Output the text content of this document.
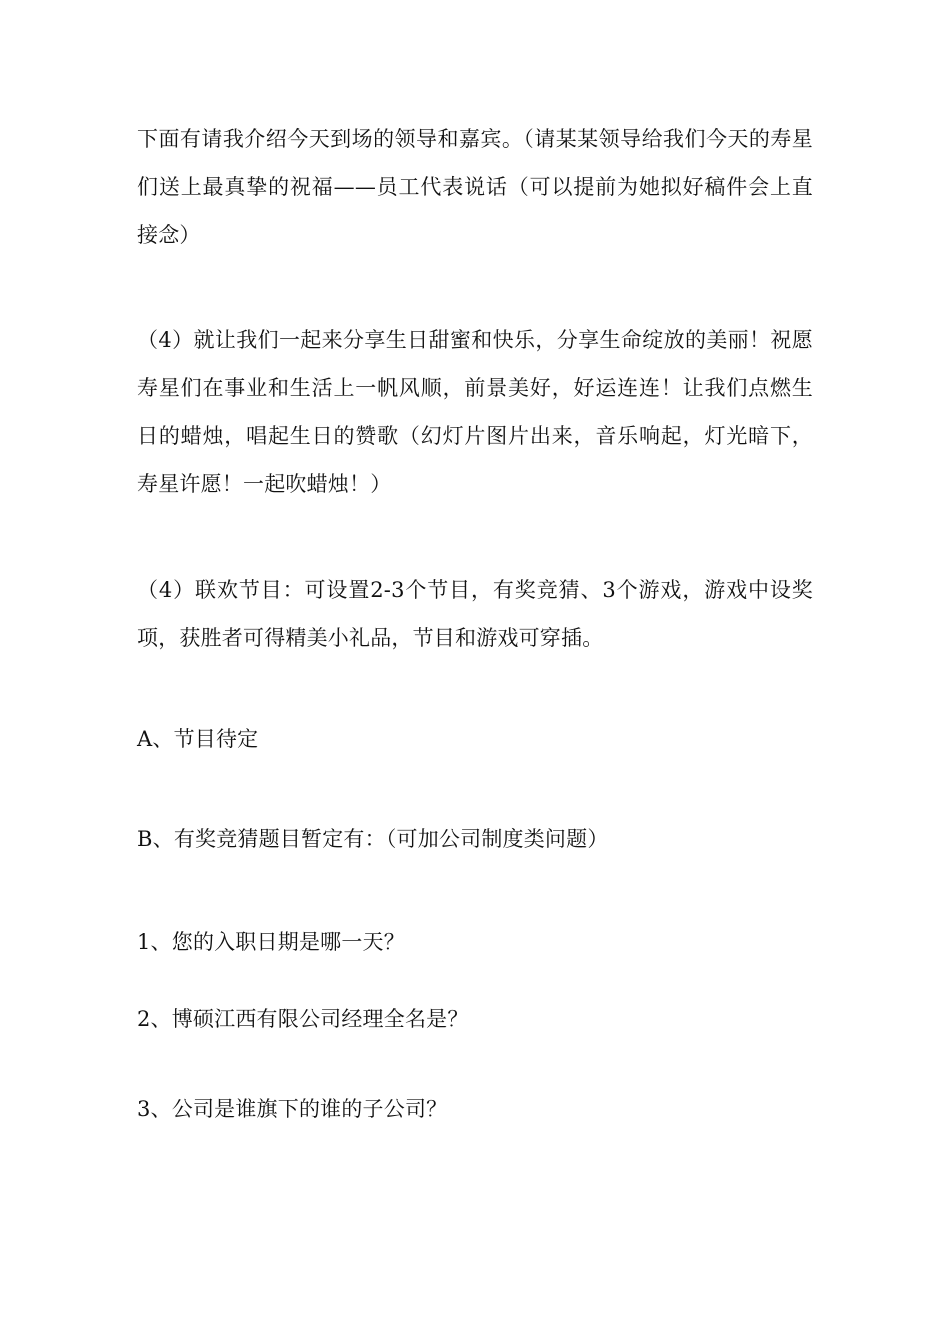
下面有请我介绍今天到场的领导和嘉宾。（请某某领导给我们今天的寿星们送上最真挚的祝福——员工代表说话（可以提前为她拟好稿件会上直接念）

（4）就让我们一起来分享生日甜蜜和快乐，分享生命绽放的美丽！祝愿寿星们在事业和生活上一帆风顺，前景美好，好运连连！让我们点燃生日的蜡烛，唱起生日的赞歌（幻灯片图片出来，音乐响起，灯光暗下，寿星许愿！一起吹蜡烛！）

（4）联欢节目：可设置2-3个节目，有奖竞猜、3个游戏，游戏中设奖项，获胜者可得精美小礼品，节目和游戏可穿插。

A、节目待定

B、有奖竞猜题目暂定有：（可加公司制度类问题）

1、您的入职日期是哪一天？

2、博硕江西有限公司经理全名是？

3、公司是谁旗下的谁的子公司？
